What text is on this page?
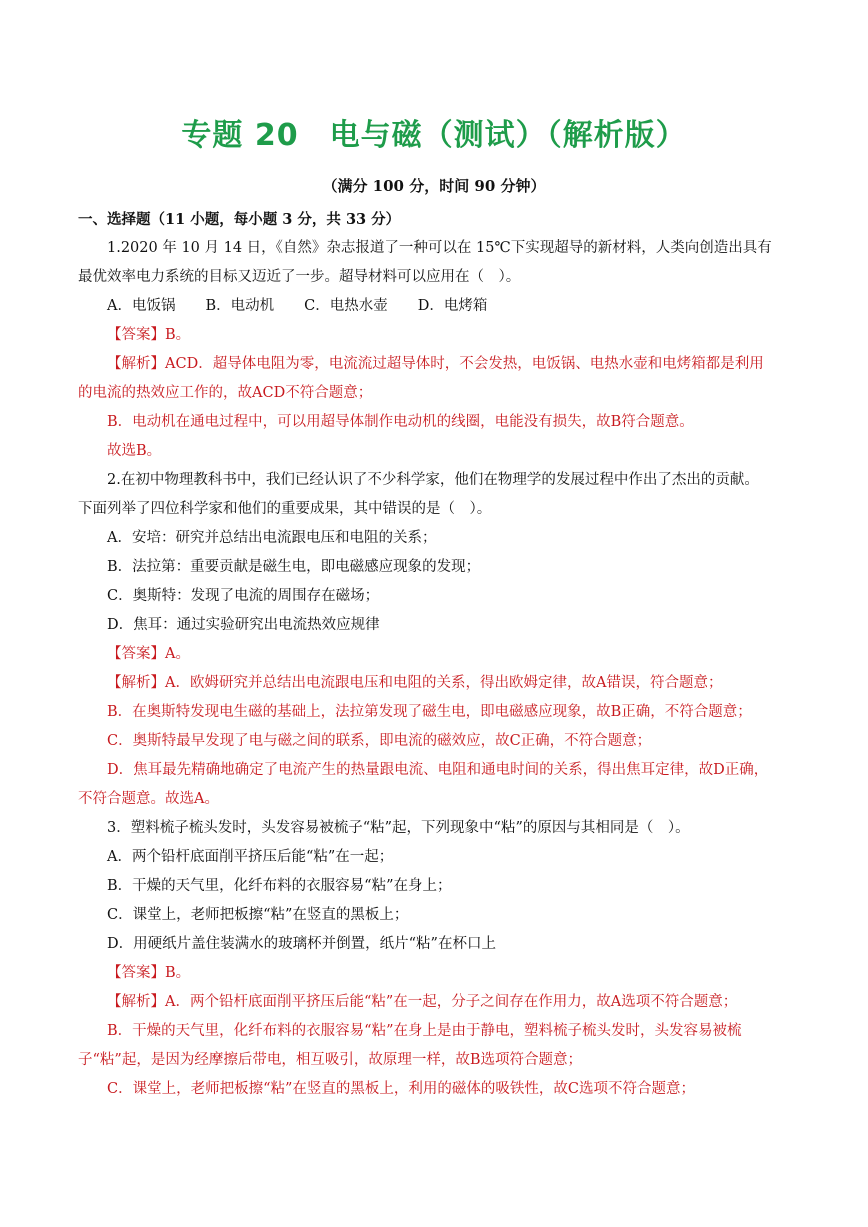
专题 20　电与磁（测试）（解析版）
（满分 100 分，时间 90 分钟）
一、选择题（11 小题，每小题 3 分，共 33 分）
1.2020 年 10 月 14 日，《自然》杂志报道了一种可以在 15℃下实现超导的新材料，人类向创造出具有
最优效率电力系统的目标又迈近了一步。超导材料可以应用在（　）。
A．电饭锅 B．电动机 C．电热水壶 D．电烤箱
【答案】B。
【解析】ACD．超导体电阻为零，电流流过超导体时，不会发热，电饭锅、电热水壶和电烤箱都是利用
的电流的热效应工作的，故ACD不符合题意；
B．电动机在通电过程中，可以用超导体制作电动机的线圈，电能没有损失，故B符合题意。
故选B。
2.在初中物理教科书中，我们已经认识了不少科学家，他们在物理学的发展过程中作出了杰出的贡献。
下面列举了四位科学家和他们的重要成果，其中错误的是（　）。
A．安培：研究并总结出电流跟电压和电阻的关系；
B．法拉第：重要贡献是磁生电，即电磁感应现象的发现；
C．奥斯特：发现了电流的周围存在磁场；
D．焦耳：通过实验研究出电流热效应规律
【答案】A。
【解析】A．欧姆研究并总结出电流跟电压和电阻的关系，得出欧姆定律，故A错误，符合题意；
B．在奥斯特发现电生磁的基础上，法拉第发现了磁生电，即电磁感应现象，故B正确，不符合题意；
C．奥斯特最早发现了电与磁之间的联系，即电流的磁效应，故C正确，不符合题意；
D．焦耳最先精确地确定了电流产生的热量跟电流、电阻和通电时间的关系，得出焦耳定律，故D正确，
不符合题意。故选A。
3．塑料梳子梳头发时，头发容易被梳子“粘”起，下列现象中“粘”的原因与其相同是（　）。
A．两个铅杆底面削平挤压后能“粘”在一起；
B．干燥的天气里，化纤布料的衣服容易“粘”在身上；
C．课堂上，老师把板擦“粘”在竖直的黑板上；
D．用硬纸片盖住装满水的玻璃杯并倒置，纸片“粘”在杯口上
【答案】B。
【解析】A．两个铅杆底面削平挤压后能“粘”在一起，分子之间存在作用力，故A选项不符合题意；
B．干燥的天气里，化纤布料的衣服容易“粘”在身上是由于静电，塑料梳子梳头发时，头发容易被梳
子“粘”起，是因为经摩擦后带电，相互吸引，故原理一样，故B选项符合题意；
C．课堂上，老师把板擦“粘”在竖直的黑板上，利用的磁体的吸铁性，故C选项不符合题意；
